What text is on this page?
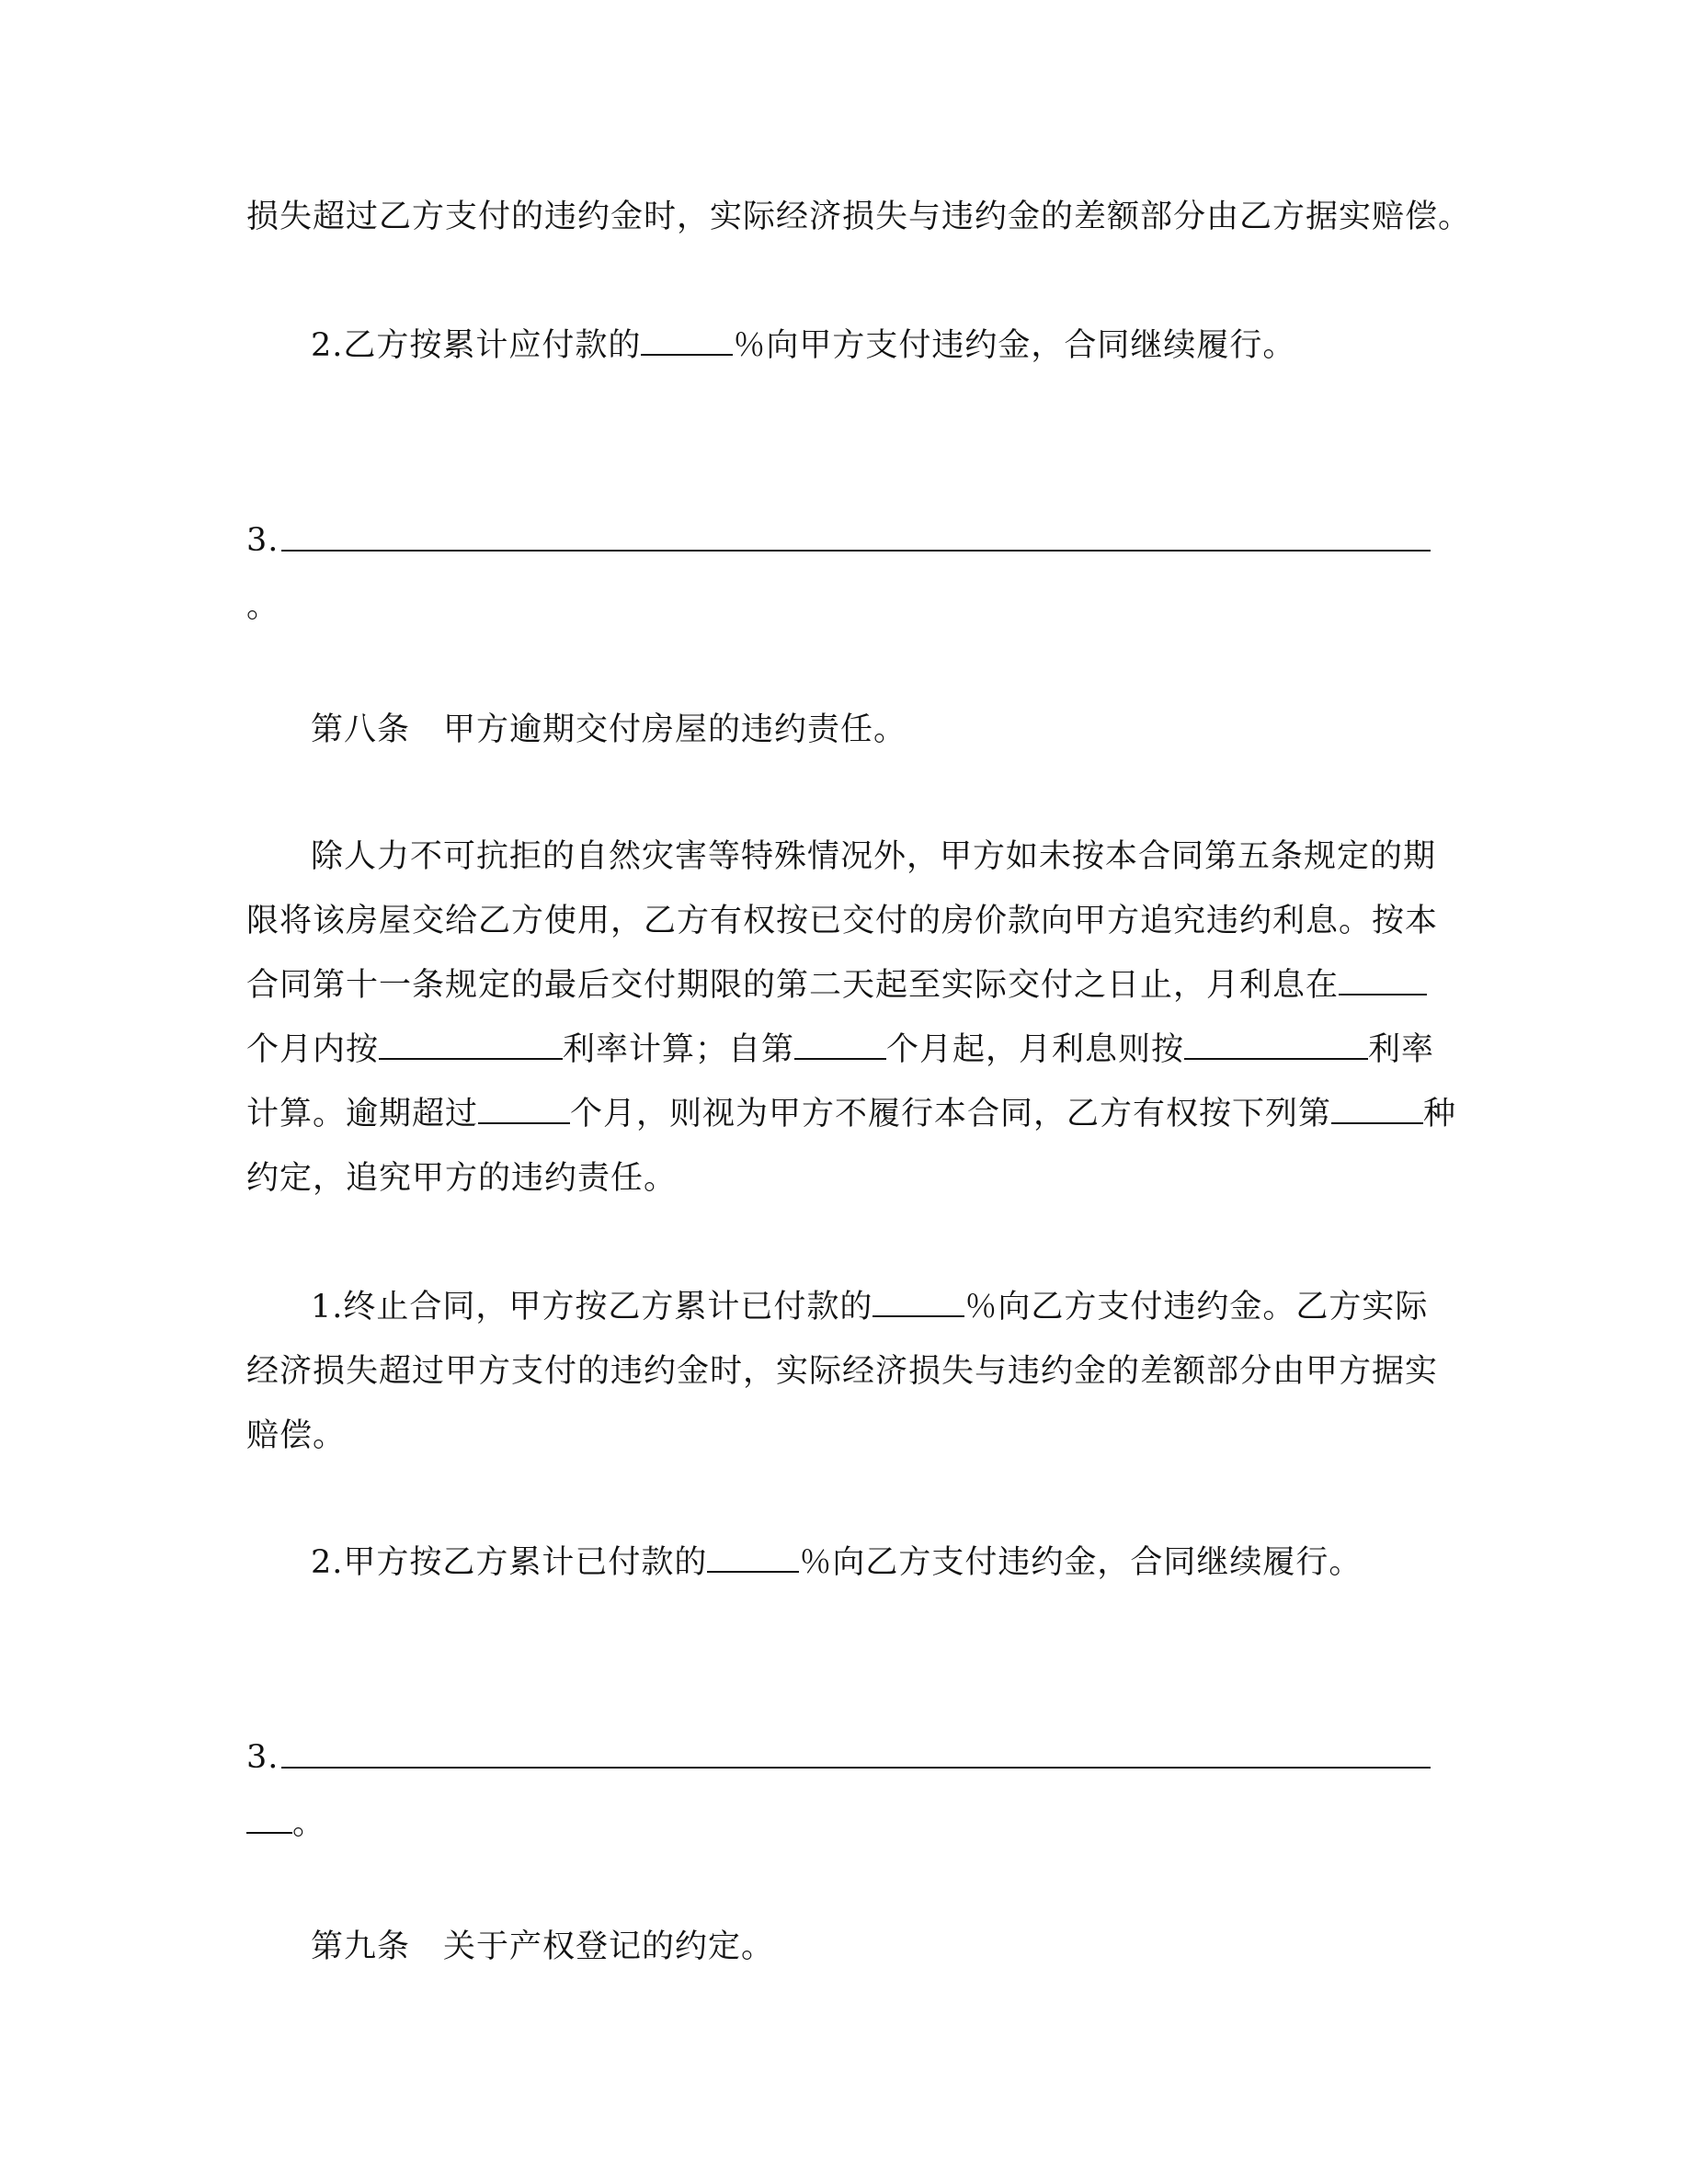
损失超过乙方支付的违约金时，实际经济损失与违约金的差额部分由乙方据实赔偿。
2.乙方按累计应付款的	％向甲方支付违约金，合同继续履行。
3.
。
第八条　甲方逾期交付房屋的违约责任。
除人力不可抗拒的自然灾害等特殊情况外，甲方如未按本合同第五条规定的期
限将该房屋交给乙方使用，乙方有权按已交付的房价款向甲方追究违约利息。按本
合同第十一条规定的最后交付期限的第二天起至实际交付之日止，月利息在
个月内按	利率计算；自第	个月起，月利息则按	利率
计算。逾期超过	个月，则视为甲方不履行本合同，乙方有权按下列第	种
约定，追究甲方的违约责任。
1.终止合同，甲方按乙方累计已付款的	％向乙方支付违约金。乙方实际
经济损失超过甲方支付的违约金时，实际经济损失与违约金的差额部分由甲方据实
赔偿。
2.甲方按乙方累计已付款的	％向乙方支付违约金，合同继续履行。
3.
。
第九条　关于产权登记的约定。
